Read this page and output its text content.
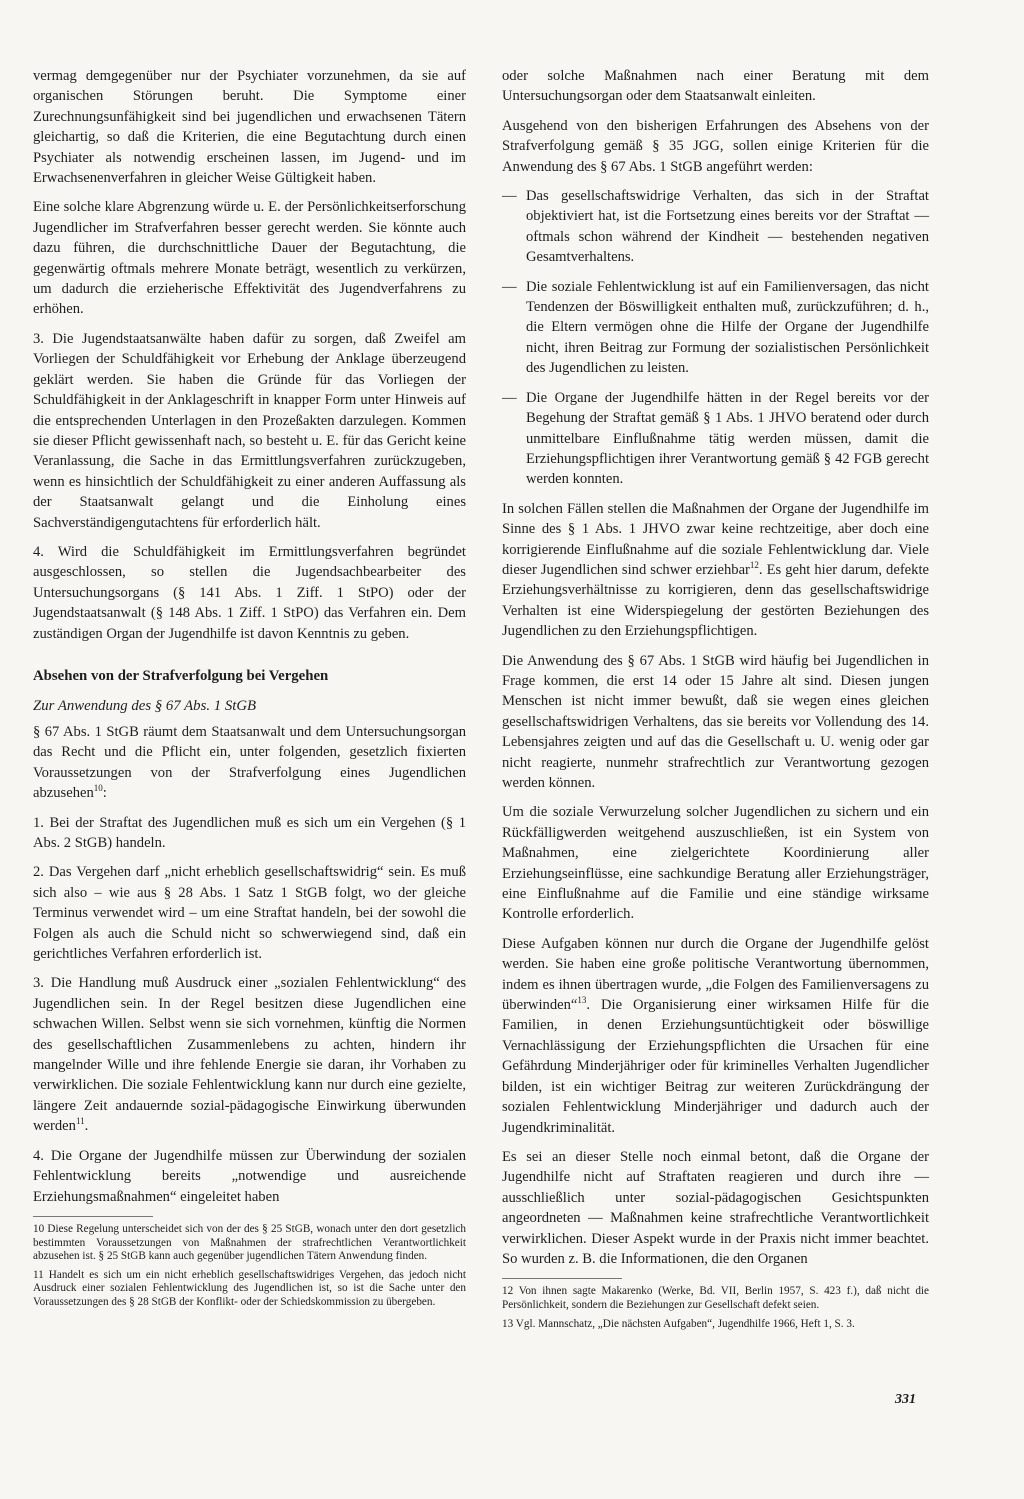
vermag demgegenüber nur der Psychiater vorzunehmen, da sie auf organischen Störungen beruht. Die Symptome einer Zurechnungsunfähigkeit sind bei jugendlichen und erwachsenen Tätern gleichartig, so daß die Kriterien, die eine Begutachtung durch einen Psychiater als notwendig erscheinen lassen, im Jugend- und im Erwachsenenverfahren in gleicher Weise Gültigkeit haben.

Eine solche klare Abgrenzung würde u. E. der Persönlichkeitserforschung Jugendlicher im Strafverfahren besser gerecht werden. Sie könnte auch dazu führen, die durchschnittliche Dauer der Begutachtung, die gegenwärtig oftmals mehrere Monate beträgt, wesentlich zu verkürzen, um dadurch die erzieherische Effektivität des Jugendverfahrens zu erhöhen.

3. Die Jugendstaatsanwälte haben dafür zu sorgen, daß Zweifel am Vorliegen der Schuldfähigkeit vor Erhebung der Anklage überzeugend geklärt werden. Sie haben die Gründe für das Vorliegen der Schuldfähigkeit in der Anklageschrift in knapper Form unter Hinweis auf die entsprechenden Unterlagen in den Prozeßakten darzulegen. Kommen sie dieser Pflicht gewissenhaft nach, so besteht u. E. für das Gericht keine Veranlassung, die Sache in das Ermittlungsverfahren zurückzugeben, wenn es hinsichtlich der Schuldfähigkeit zu einer anderen Auffassung als der Staatsanwalt gelangt und die Einholung eines Sachverständigengutachtens für erforderlich hält.

4. Wird die Schuldfähigkeit im Ermittlungsverfahren begründet ausgeschlossen, so stellen die Jugendsachbearbeiter des Untersuchungsorgans (§ 141 Abs. 1 Ziff. 1 StPO) oder der Jugendstaatsanwalt (§ 148 Abs. 1 Ziff. 1 StPO) das Verfahren ein. Dem zuständigen Organ der Jugendhilfe ist davon Kenntnis zu geben.

Absehen von der Strafverfolgung bei Vergehen
Zur Anwendung des § 67 Abs. 1 StGB

§ 67 Abs. 1 StGB räumt dem Staatsanwalt und dem Untersuchungsorgan das Recht und die Pflicht ein, unter folgenden, gesetzlich fixierten Voraussetzungen von der Strafverfolgung eines Jugendlichen abzusehen$^{10}$:

1. Bei der Straftat des Jugendlichen muß es sich um ein Vergehen (§ 1 Abs. 2 StGB) handeln.

2. Das Vergehen darf „nicht erheblich gesellschaftswidrig“ sein. Es muß sich also – wie aus § 28 Abs. 1 Satz 1 StGB folgt, wo der gleiche Terminus verwendet wird – um eine Straftat handeln, bei der sowohl die Folgen als auch die Schuld nicht so schwerwiegend sind, daß ein gerichtliches Verfahren erforderlich ist.

3. Die Handlung muß Ausdruck einer „sozialen Fehlentwicklung“ des Jugendlichen sein. In der Regel besitzen diese Jugendlichen eine schwachen Willen. Selbst wenn sie sich vornehmen, künftig die Normen des gesellschaftlichen Zusammenlebens zu achten, hindern ihr mangelnder Wille und ihre fehlende Energie sie daran, ihr Vorhaben zu verwirklichen. Die soziale Fehlentwicklung kann nur durch eine gezielte, längere Zeit andauernde sozial-pädagogische Einwirkung überwunden werden$^{11}$.

4. Die Organe der Jugendhilfe müssen zur Überwindung der sozialen Fehlentwicklung bereits „notwendige und ausreichende Erziehungsmaßnahmen“ eingeleitet haben

10 Diese Regelung unterscheidet sich von der des § 25 StGB, wonach unter den dort gesetzlich bestimmten Voraussetzungen von Maßnahmen der strafrechtlichen Verantwortlichkeit abzusehen ist. § 25 StGB kann auch gegenüber jugendlichen Tätern Anwendung finden.

11 Handelt es sich um ein nicht erheblich gesellschaftswidriges Vergehen, das jedoch nicht Ausdruck einer sozialen Fehlentwicklung des Jugendlichen ist, so ist die Sache unter den Voraussetzungen des § 28 StGB der Konflikt- oder der Schiedskommission zu übergeben.

oder solche Maßnahmen nach einer Beratung mit dem Untersuchungsorgan oder dem Staatsanwalt einleiten.

Ausgehend von den bisherigen Erfahrungen des Absehens von der Strafverfolgung gemäß § 35 JGG, sollen einige Kriterien für die Anwendung des § 67 Abs. 1 StGB angeführt werden:

— Das gesellschaftswidrige Verhalten, das sich in der Straftat objektiviert hat, ist die Fortsetzung eines bereits vor der Straftat — oftmals schon während der Kindheit — bestehenden negativen Gesamtverhaltens.

— Die soziale Fehlentwicklung ist auf ein Familienversagen, das nicht Tendenzen der Böswilligkeit enthalten muß, zurückzuführen; d. h., die Eltern vermögen ohne die Hilfe der Organe der Jugendhilfe nicht, ihren Beitrag zur Formung der sozialistischen Persönlichkeit des Jugendlichen zu leisten.

— Die Organe der Jugendhilfe hätten in der Regel bereits vor der Begehung der Straftat gemäß § 1 Abs. 1 JHVO beratend oder durch unmittelbare Einflußnahme tätig werden müssen, damit die Erziehungspflichtigen ihrer Verantwortung gemäß § 42 FGB gerecht werden konnten.

In solchen Fällen stellen die Maßnahmen der Organe der Jugendhilfe im Sinne des § 1 Abs. 1 JHVO zwar keine rechtzeitige, aber doch eine korrigierende Einflußnahme auf die soziale Fehlentwicklung dar. Viele dieser Jugendlichen sind schwer erziehbar$^{12}$. Es geht hier darum, defekte Erziehungsverhältnisse zu korrigieren, denn das gesellschaftswidrige Verhalten ist eine Widerspiegelung der gestörten Beziehungen des Jugendlichen zu den Erziehungspflichtigen.

Die Anwendung des § 67 Abs. 1 StGB wird häufig bei Jugendlichen in Frage kommen, die erst 14 oder 15 Jahre alt sind. Diesen jungen Menschen ist nicht immer bewußt, daß sie wegen eines gleichen gesellschaftswidrigen Verhaltens, das sie bereits vor Vollendung des 14. Lebensjahres zeigten und auf das die Gesellschaft u. U. wenig oder gar nicht reagierte, nunmehr strafrechtlich zur Verantwortung gezogen werden können.

Um die soziale Verwurzelung solcher Jugendlichen zu sichern und ein Rückfälligwerden weitgehend auszuschließen, ist ein System von Maßnahmen, eine zielgerichtete Koordinierung aller Erziehungseinflüsse, eine sachkundige Beratung aller Erziehungsträger, eine Einflußnahme auf die Familie und eine ständige wirksame Kontrolle erforderlich.

Diese Aufgaben können nur durch die Organe der Jugendhilfe gelöst werden. Sie haben eine große politische Verantwortung übernommen, indem es ihnen übertragen wurde, „die Folgen des Familienversagens zu überwinden“$^{13}$. Die Organisierung einer wirksamen Hilfe für die Familien, in denen Erziehungsuntüchtigkeit oder böswillige Vernachlässigung der Erziehungspflichten die Ursachen für eine Gefährdung Minderjähriger oder für kriminelles Verhalten Jugendlicher bilden, ist ein wichtiger Beitrag zur weiteren Zurückdrängung der sozialen Fehlentwicklung Minderjähriger und dadurch auch der Jugendkriminalität.

Es sei an dieser Stelle noch einmal betont, daß die Organe der Jugendhilfe nicht auf Straftaten reagieren und durch ihre — ausschließlich unter sozial-pädagogischen Gesichtspunkten angeordneten — Maßnahmen keine strafrechtliche Verantwortlichkeit verwirklichen. Dieser Aspekt wurde in der Praxis nicht immer beachtet. So wurden z. B. die Informationen, die den Organen

12 Von ihnen sagte Makarenko (Werke, Bd. VII, Berlin 1957, S. 423 f.), daß nicht die Persönlichkeit, sondern die Beziehungen zur Gesellschaft defekt seien.

13 Vgl. Mannschatz, „Die nächsten Aufgaben“, Jugendhilfe 1966, Heft 1, S. 3.

331
